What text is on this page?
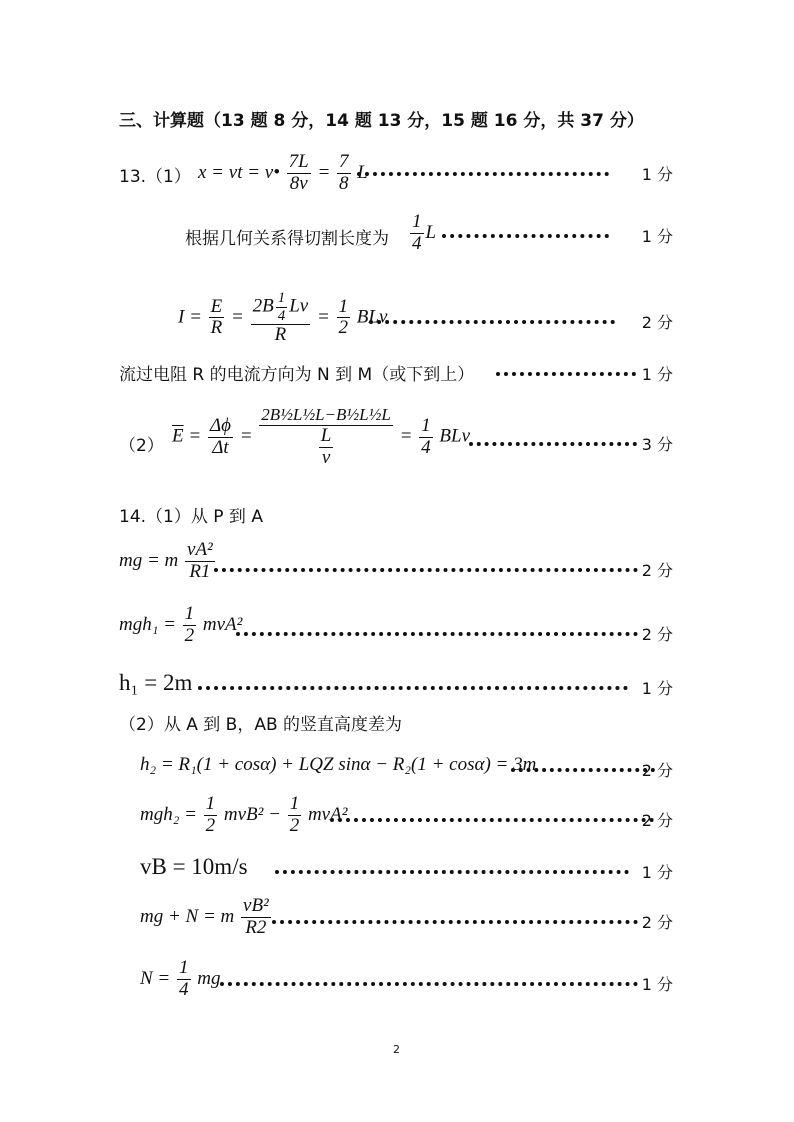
三、计算题（13 题 8 分，14 题 13 分，15 题 16 分，共 37 分）
13.（1） x = vt = v• $\frac{7L}{8v} = \frac{7}{8}$ L	1 分
根据几何关系得切割长度为 $\frac{1}{4}$ L	1 分
$I = \frac{E}{R} = \frac{2B \frac{1}{4} Lv}{R} = \frac{1}{2}$ BLv	2 分
流过电阻 R 的电流方向为 N 到 M（或下到上）	1 分
（2） $\overline{E} = \frac{\Delta\phi}{\Delta t} = \frac{\text{2B½L½L−B½L½L}}{\frac{L}{v}} = \frac{1}{4}$ BLv	3 分
14.（1）从 P 到 A
mg = m $\frac{\text{vA²}}{R1}$	2 分
$mgh_1 = \frac{1}{2} mvA^2$	2 分
h₁ = 2m	1 分
（2）从 A 到 B，AB 的竖直高度差为
h₂ = R₁(1 + cosα) + LQZ sinα − R₂(1 + cosα) = 3m	2 分
$mgh_2 = \frac{1}{2} mvB^2 - \frac{1}{2} mvA^2$	2 分
vB = 10m/s	1 分
mg + N = m $\frac{\text{vB²}}{R2}$	2 分
$N = \frac{1}{4}$ mg	1 分
2
